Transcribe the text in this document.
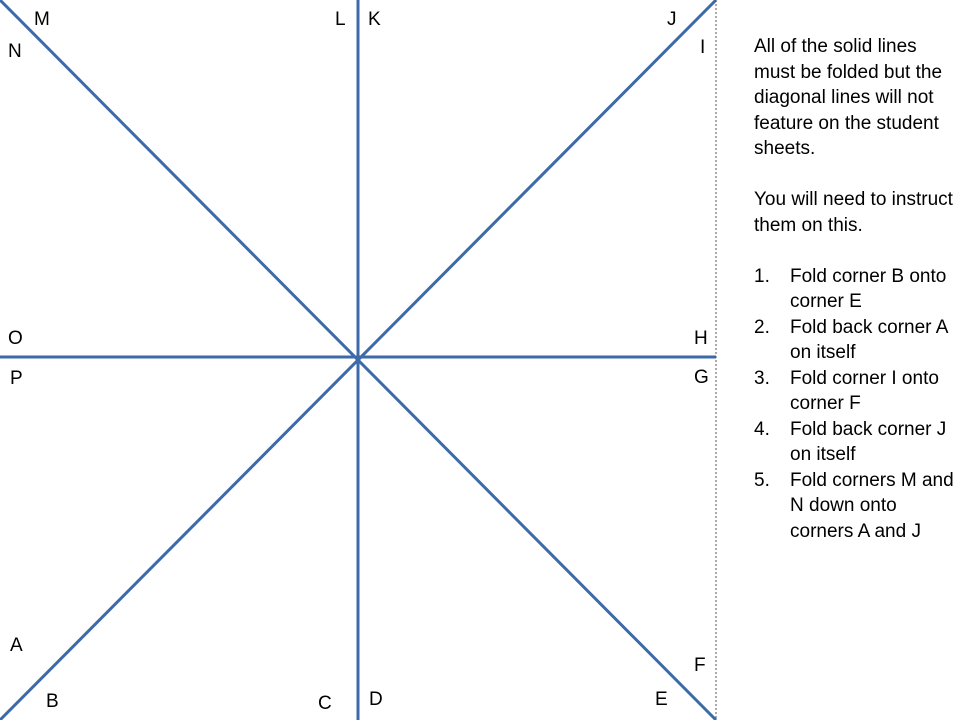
M
N
L K	J
I
O
P
H
G
A
B	C D	E
F

All of the solid lines must be folded but the diagonal lines will not feature on the student sheets.

You will need to instruct them on this.

1.	Fold corner B onto corner E
2.	Fold back corner A on itself
3.	Fold corner I onto corner F
4.	Fold back corner J on itself
5.	Fold corners M and N down onto corners A and J
